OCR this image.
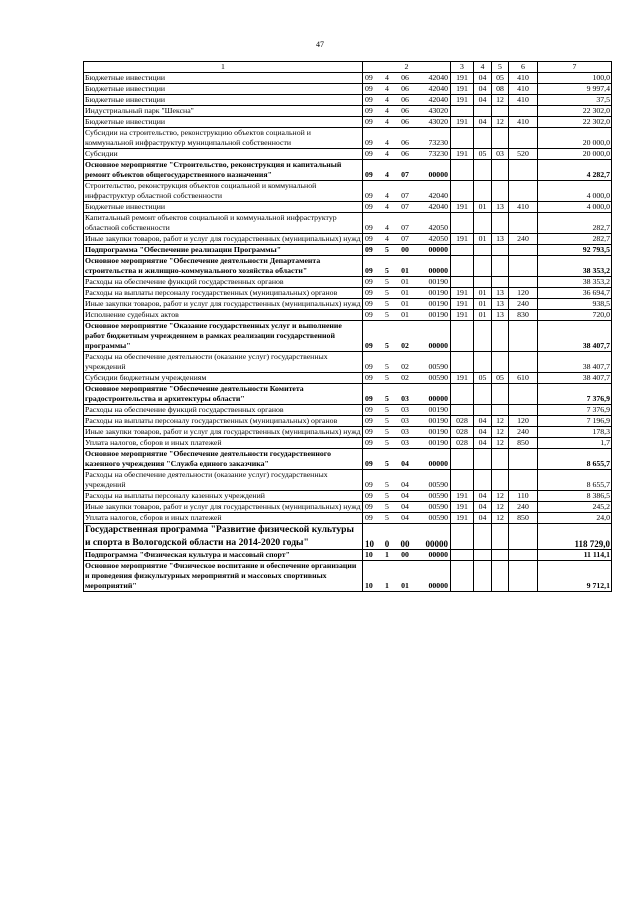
47
1	2	3	4	5	6	7
Бюджетные инвестиции	09 4 06 42040	191	04	05	410	100,0
Бюджетные инвестиции	09 4 06 42040	191	04	08	410	9 997,4
Бюджетные инвестиции	09 4 06 42040	191	04	12	410	37,5
Индустриальный парк "Шексна"	09 4 06 43020					22 302,0
Бюджетные инвестиции	09 4 06 43020	191	04	12	410	22 302,0
Субсидии на строительство, реконструкцию объектов социальной и коммунальной инфраструктур муниципальной собственности	09 4 06 73230					20 000,0
Субсидии	09 4 06 73230	191	05	03	520	20 000,0
Основное мероприятие "Строительство, реконструкция и капитальный ремонт объектов общегосударственного назначения"	09 4 07 00000					4 282,7
Строительство, реконструкция объектов социальной и коммунальной инфраструктур областной собственности	09 4 07 42040					4 000,0
Бюджетные инвестиции	09 4 07 42040	191	01	13	410	4 000,0
Капитальный ремонт объектов социальной и коммунальной инфраструктур областной собственности	09 4 07 42050					282,7
Иные закупки товаров, работ и услуг для государственных (муниципальных) нужд	09 4 07 42050	191	01	13	240	282,7
Подпрограмма "Обеспечение реализации Программы"	09 5 00 00000					92 793,5
Основное мероприятие "Обеспечение деятельности Департамента строительства и жилищно-коммунального хозяйства области"	09 5 01 00000					38 353,2
Расходы на обеспечение функций государственных органов	09 5 01 00190					38 353,2
Расходы на выплаты персоналу государственных (муниципальных) органов	09 5 01 00190	191	01	13	120	36 694,7
Иные закупки товаров, работ и услуг для государственных (муниципальных) нужд	09 5 01 00190	191	01	13	240	938,5
Исполнение судебных актов	09 5 01 00190	191	01	13	830	720,0
Основное мероприятие "Оказание государственных услуг и выполнение работ бюджетным учреждением в рамках реализации государственной программы"	09 5 02 00000					38 407,7
Расходы на обеспечение деятельности (оказание услуг) государственных учреждений	09 5 02 00590					38 407,7
Субсидии бюджетным учреждениям	09 5 02 00590	191	05	05	610	38 407,7
Основное мероприятие "Обеспечение деятельности Комитета градостроительства и архитектуры области"	09 5 03 00000					7 376,9
Расходы на обеспечение функций государственных органов	09 5 03 00190					7 376,9
Расходы на выплаты персоналу государственных (муниципальных) органов	09 5 03 00190	028	04	12	120	7 196,9
Иные закупки товаров, работ и услуг для государственных (муниципальных) нужд	09 5 03 00190	028	04	12	240	178,3
Уплата налогов, сборов и иных платежей	09 5 03 00190	028	04	12	850	1,7
Основное мероприятие "Обеспечение деятельности государственного казенного учреждения "Служба единого заказчика"	09 5 04 00000					8 655,7
Расходы на обеспечение деятельности (оказание услуг) государственных учреждений	09 5 04 00590					8 655,7
Расходы на выплаты персоналу казенных учреждений	09 5 04 00590	191	04	12	110	8 386,5
Иные закупки товаров, работ и услуг для государственных (муниципальных) нужд	09 5 04 00590	191	04	12	240	245,2
Уплата налогов, сборов и иных платежей	09 5 04 00590	191	04	12	850	24,0
Государственная программа "Развитие физической культуры и спорта в Вологодской области на 2014-2020 годы"	10 0 00 00000					118 729,0
Подпрограмма "Физическая культура и массовый спорт"	10 1 00 00000					11 114,1
Основное мероприятие "Физическое воспитание и обеспечение организации и проведения физкультурных мероприятий и массовых спортивных мероприятий"	10 1 01 00000					9 712,1
